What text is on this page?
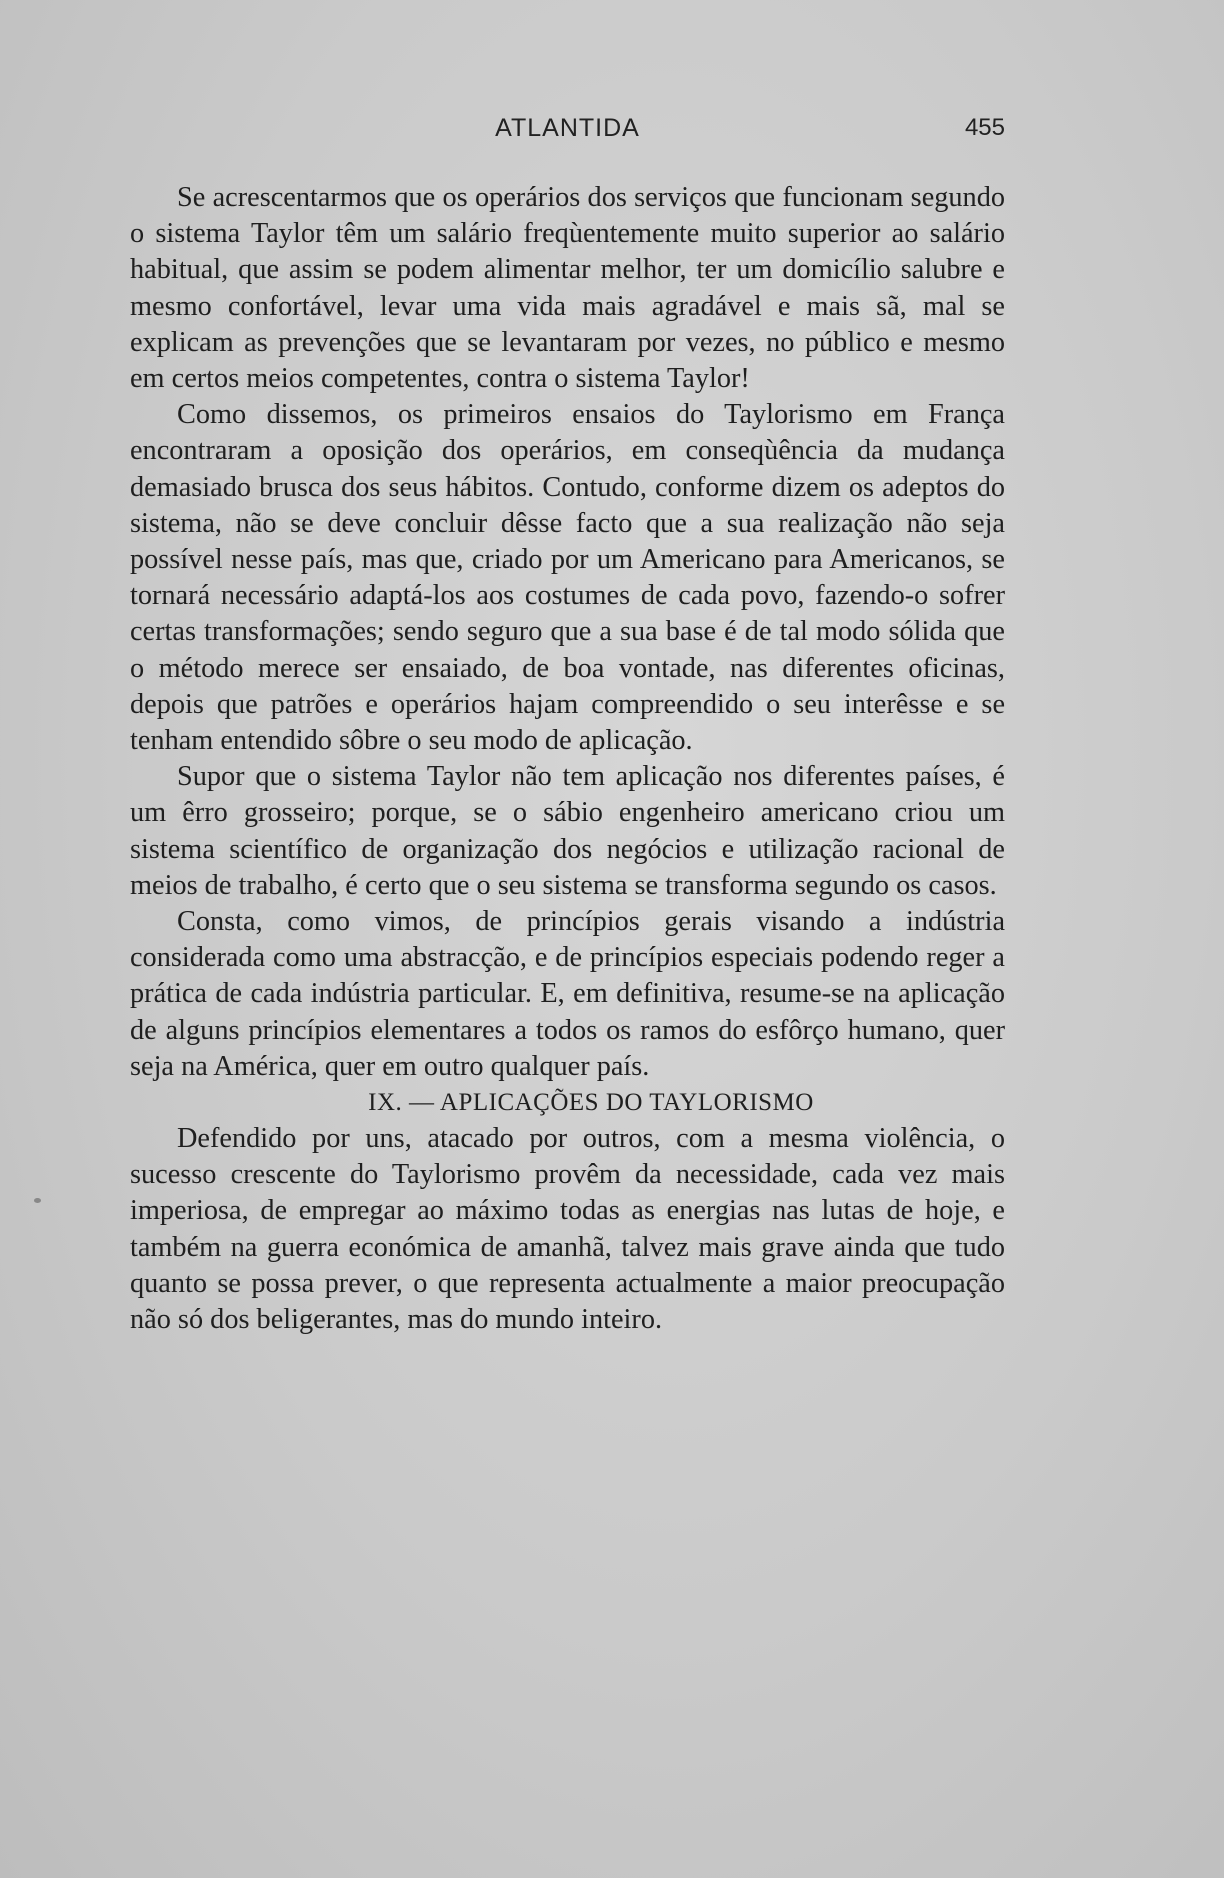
ATLANTIDA	455

Se acrescentarmos que os operários dos serviços que funcionam segundo o sistema Taylor têm um salário freqùentemente muito superior ao salário habitual, que assim se podem alimentar melhor, ter um domicílio salubre e mesmo confortável, levar uma vida mais agradável e mais sã, mal se explicam as prevenções que se levantaram por vezes, no público e mesmo em certos meios competentes, contra o sistema Taylor!

Como dissemos, os primeiros ensaios do Taylorismo em França encontraram a oposição dos operários, em conseqùência da mudança demasiado brusca dos seus hábitos. Contudo, conforme dizem os adeptos do sistema, não se deve concluir dêsse facto que a sua realização não seja possível nesse país, mas que, criado por um Americano para Americanos, se tornará necessário adaptá-los aos costumes de cada povo, fazendo-o sofrer certas transformações; sendo seguro que a sua base é de tal modo sólida que o método merece ser ensaiado, de boa vontade, nas diferentes oficinas, depois que patrões e operários hajam compreendido o seu interêsse e se tenham entendido sôbre o seu modo de aplicação.

Supor que o sistema Taylor não tem aplicação nos diferentes países, é um êrro grosseiro; porque, se o sábio engenheiro americano criou um sistema scientífico de organização dos negócios e utilização racional de meios de trabalho, é certo que o seu sistema se transforma segundo os casos.

Consta, como vimos, de princípios gerais visando a indústria considerada como uma abstracção, e de princípios especiais podendo reger a prática de cada indústria particular. E, em definitiva, resume-se na aplicação de alguns princípios elementares a todos os ramos do esfôrço humano, quer seja na América, quer em outro qualquer país.

IX. — APLICAÇÕES DO TAYLORISMO

Defendido por uns, atacado por outros, com a mesma violência, o sucesso crescente do Taylorismo provêm da necessidade, cada vez mais imperiosa, de empregar ao máximo todas as energias nas lutas de hoje, e também na guerra económica de amanhã, talvez mais grave ainda que tudo quanto se possa prever, o que representa actualmente a maior preocupação não só dos beligerantes, mas do mundo inteiro.
